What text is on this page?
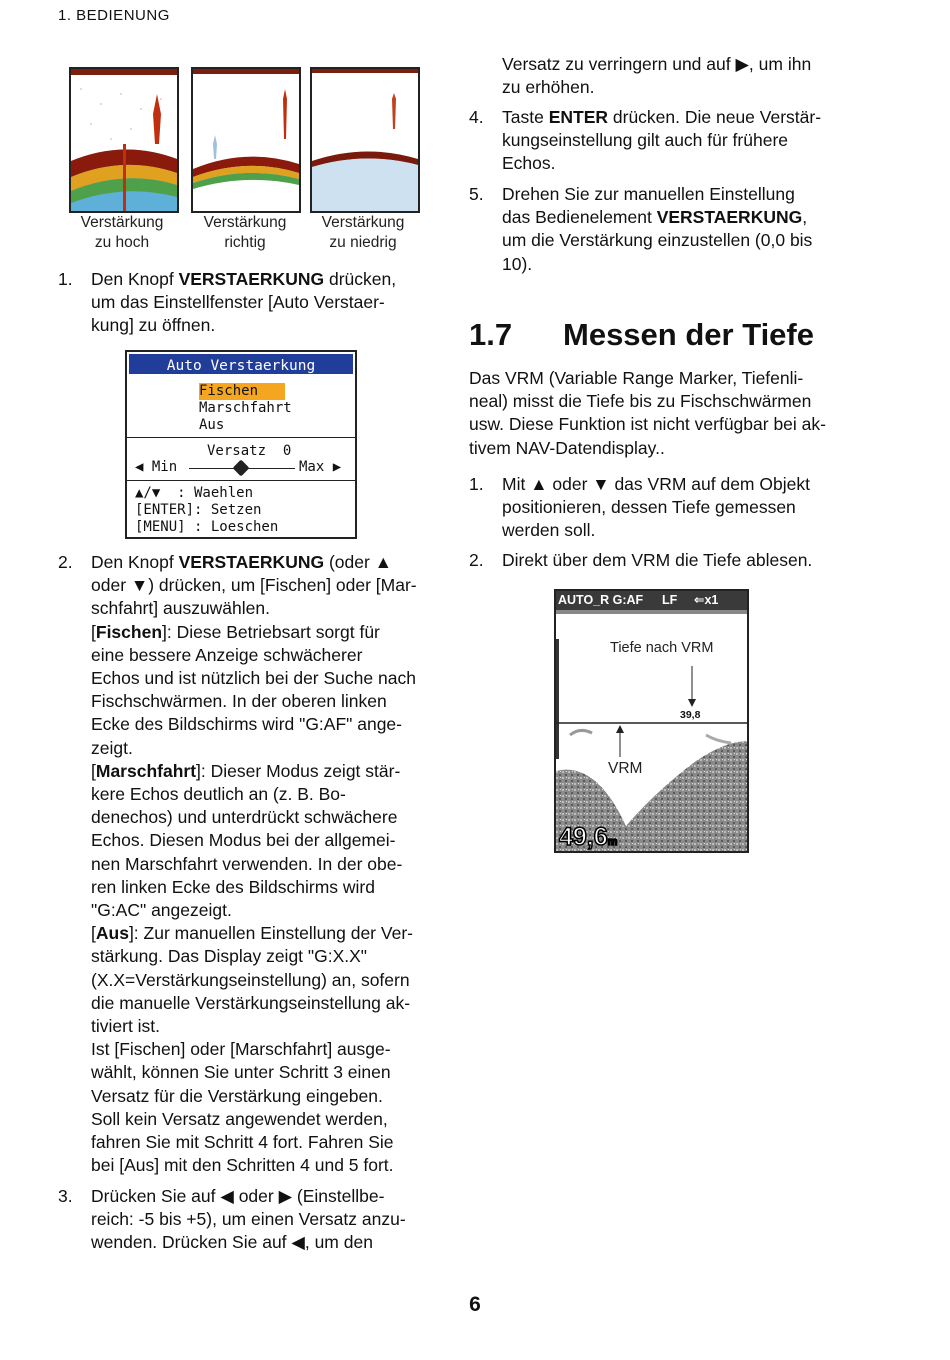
1. BEDIENUNG
Verstärkung
zu hoch
Verstärkung
richtig
Verstärkung
zu niedrig
1. Den Knopf VERSTAERKUNG drücken,
um das Einstellfenster [Auto Verstaer-
kung] zu öffnen.
Auto Verstaerkung
Fischen
Marschfahrt
Aus
Versatz  0
◀ Min	Max ▶
▲/▼  : Waehlen
[ENTER]: Setzen
[MENU] : Loeschen
2. Den Knopf VERSTAERKUNG (oder ▲
oder ▼) drücken, um [Fischen] oder [Mar-
schfahrt] auszuwählen.
[Fischen]: Diese Betriebsart sorgt für
eine bessere Anzeige schwächerer
Echos und ist nützlich bei der Suche nach
Fischschwärmen. In der oberen linken
Ecke des Bildschirms wird "G:AF" ange-
zeigt.
[Marschfahrt]: Dieser Modus zeigt stär-
kere Echos deutlich an (z. B. Bo-
denechos) und unterdrückt schwächere
Echos. Diesen Modus bei der allgemei-
nen Marschfahrt verwenden. In der obe-
ren linken Ecke des Bildschirms wird
"G:AC" angezeigt.
[Aus]: Zur manuellen Einstellung der Ver-
stärkung. Das Display zeigt "G:X.X"
(X.X=Verstärkungseinstellung) an, sofern
die manuelle Verstärkungseinstellung ak-
tiviert ist.
Ist [Fischen] oder [Marschfahrt] ausge-
wählt, können Sie unter Schritt 3 einen
Versatz für die Verstärkung eingeben.
Soll kein Versatz angewendet werden,
fahren Sie mit Schritt 4 fort. Fahren Sie
bei [Aus] mit den Schritten 4 und 5 fort.
3. Drücken Sie auf ◀ oder ▶ (Einstellbe-
reich: -5 bis +5), um einen Versatz anzu-
wenden. Drücken Sie auf ◀, um den
Versatz zu verringern und auf ▶, um ihn
zu erhöhen.
4. Taste ENTER drücken. Die neue Verstär-
kungseinstellung gilt auch für frühere
Echos.
5. Drehen Sie zur manuellen Einstellung
das Bedienelement VERSTAERKUNG,
um die Verstärkung einzustellen (0,0 bis
10).
1.7 Messen der Tiefe
Das VRM (Variable Range Marker, Tiefenli-
neal) misst die Tiefe bis zu Fischschwärmen
usw. Diese Funktion ist nicht verfügbar bei ak-
tivem NAV-Datendisplay..
1. Mit ▲ oder ▼ das VRM auf dem Objekt
positionieren, dessen Tiefe gemessen
werden soll.
2. Direkt über dem VRM die Tiefe ablesen.
AUTO_R G:AF LF ⇐x1
Tiefe nach VRM
39,8
VRM
49,6m
6
